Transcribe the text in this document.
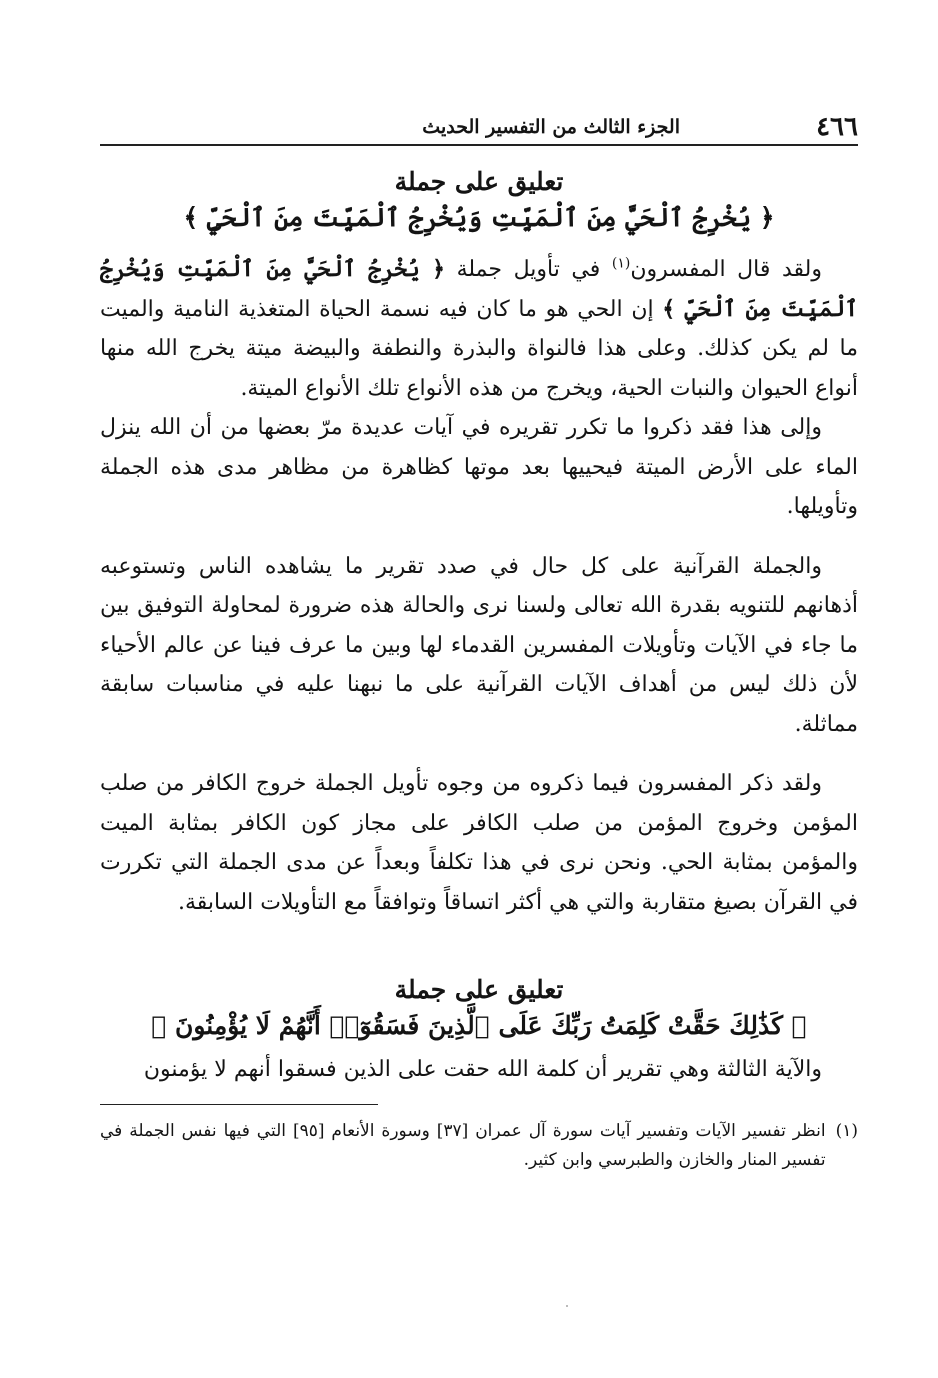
٤٦٦
الجزء الثالث من التفسير الحديث

تعليق على جملة

﴿ يُخْرِجُ ٱلْحَيَّ مِنَ ٱلْمَيِّتِ وَيُخْرِجُ ٱلْمَيِّتَ مِنَ ٱلْحَيِّ ﴾

ولقد قال المفسرون$^{(١)}$ في تأويل جملة ﴿ يُخْرِجُ ٱلْحَيَّ مِنَ ٱلْمَيِّتِ وَيُخْرِجُ ٱلْمَيِّتَ مِنَ ٱلْحَيِّ ﴾ إن الحي هو ما كان فيه نسمة الحياة المتغذية النامية والميت ما لم يكن كذلك. وعلى هذا فالنواة والبذرة والنطفة والبيضة ميتة يخرج الله منها أنواع الحيوان والنبات الحية، ويخرج من هذه الأنواع تلك الأنواع الميتة.

وإلى هذا فقد ذكروا ما تكرر تقريره في آيات عديدة مرّ بعضها من أن الله ينزل الماء على الأرض الميتة فيحييها بعد موتها كظاهرة من مظاهر مدى هذه الجملة وتأويلها.

والجملة القرآنية على كل حال في صدد تقرير ما يشاهده الناس وتستوعبه أذهانهم للتنويه بقدرة الله تعالى ولسنا نرى والحالة هذه ضرورة لمحاولة التوفيق بين ما جاء في الآيات وتأويلات المفسرين القدماء لها وبين ما عرف فينا عن عالم الأحياء لأن ذلك ليس من أهداف الآيات القرآنية على ما نبهنا عليه في مناسبات سابقة مماثلة.

ولقد ذكر المفسرون فيما ذكروه من وجوه تأويل الجملة خروج الكافر من صلب المؤمن وخروج المؤمن من صلب الكافر على مجاز كون الكافر بمثابة الميت والمؤمن بمثابة الحي. ونحن نرى في هذا تكلفاً وبعداً عن مدى الجملة التي تكررت في القرآن بصيغ متقاربة والتي هي أكثر اتساقاً وتوافقاً مع التأويلات السابقة.

تعليق على جملة

﴿ كَذَٰلِكَ حَقَّتْ كَلِمَتُ رَبِّكَ عَلَى ٱلَّذِينَ فَسَقُوٓا۟ أَنَّهُمْ لَا يُؤْمِنُونَ ﴾

والآية الثالثة وهي تقرير أن كلمة الله حقت على الذين فسقوا أنهم لا يؤمنون

(١)
انظر تفسير الآيات وتفسير آيات سورة آل عمران [٣٧] وسورة الأنعام [٩٥] التي فيها نفس الجملة في تفسير المنار والخازن والطبرسي وابن كثير.
